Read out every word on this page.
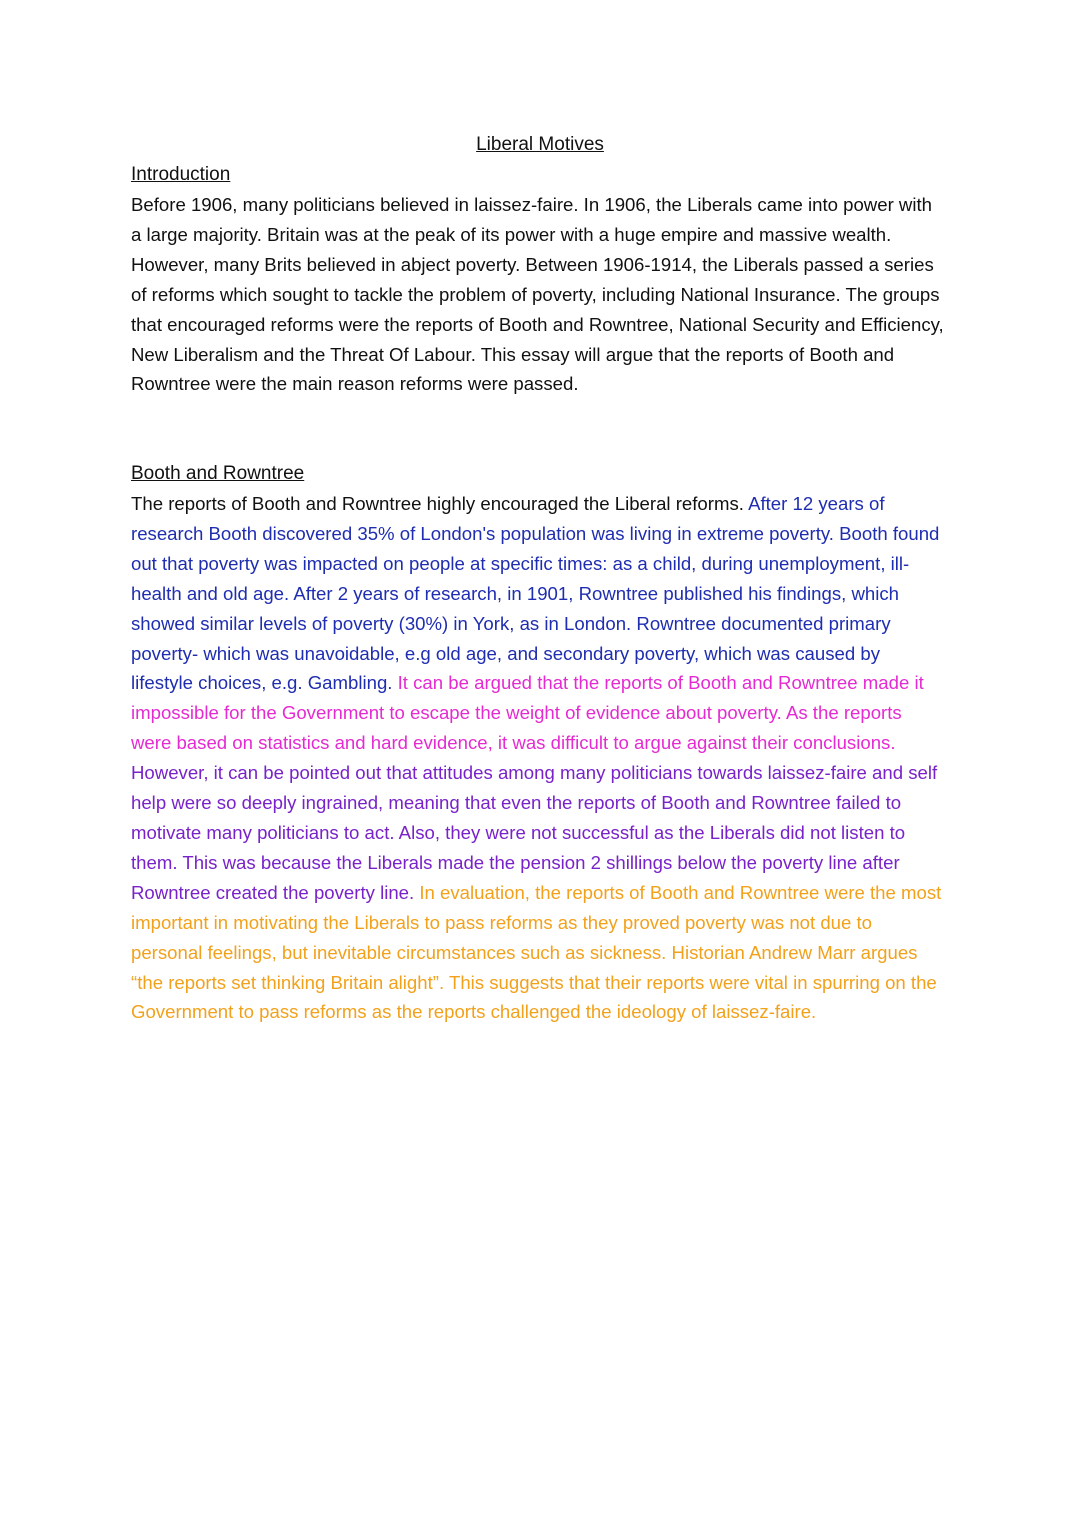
Liberal Motives
Introduction

Before 1906, many politicians believed in laissez-faire. In 1906, the Liberals came into power with a large majority. Britain was at the peak of its power with a huge empire and massive wealth. However, many Brits believed in abject poverty. Between 1906-1914, the Liberals passed a series of reforms which sought to tackle the problem of poverty, including National Insurance. The groups that encouraged reforms were the reports of Booth and Rowntree, National Security and Efficiency, New Liberalism and the Threat Of Labour. This essay will argue that the reports of Booth and Rowntree were the main reason reforms were passed.

Booth and Rowntree

The reports of Booth and Rowntree highly encouraged the Liberal reforms. After 12 years of research Booth discovered 35% of London's population was living in extreme poverty. Booth found out that poverty was impacted on people at specific times: as a child, during unemployment, ill-health and old age. After 2 years of research, in 1901, Rowntree published his findings, which showed similar levels of poverty (30%) in York, as in London. Rowntree documented primary poverty- which was unavoidable, e.g old age, and secondary poverty, which was caused by lifestyle choices, e.g. Gambling. It can be argued that the reports of Booth and Rowntree made it impossible for the Government to escape the weight of evidence about poverty. As the reports were based on statistics and hard evidence, it was difficult to argue against their conclusions. However, it can be pointed out that attitudes among many politicians towards laissez-faire and self help were so deeply ingrained, meaning that even the reports of Booth and Rowntree failed to motivate many politicians to act. Also, they were not successful as the Liberals did not listen to them. This was because the Liberals made the pension 2 shillings below the poverty line after Rowntree created the poverty line. In evaluation, the reports of Booth and Rowntree were the most important in motivating the Liberals to pass reforms as they proved poverty was not due to personal feelings, but inevitable circumstances such as sickness. Historian Andrew Marr argues “the reports set thinking Britain alight”. This suggests that their reports were vital in spurring on the Government to pass reforms as the reports challenged the ideology of laissez-faire.
